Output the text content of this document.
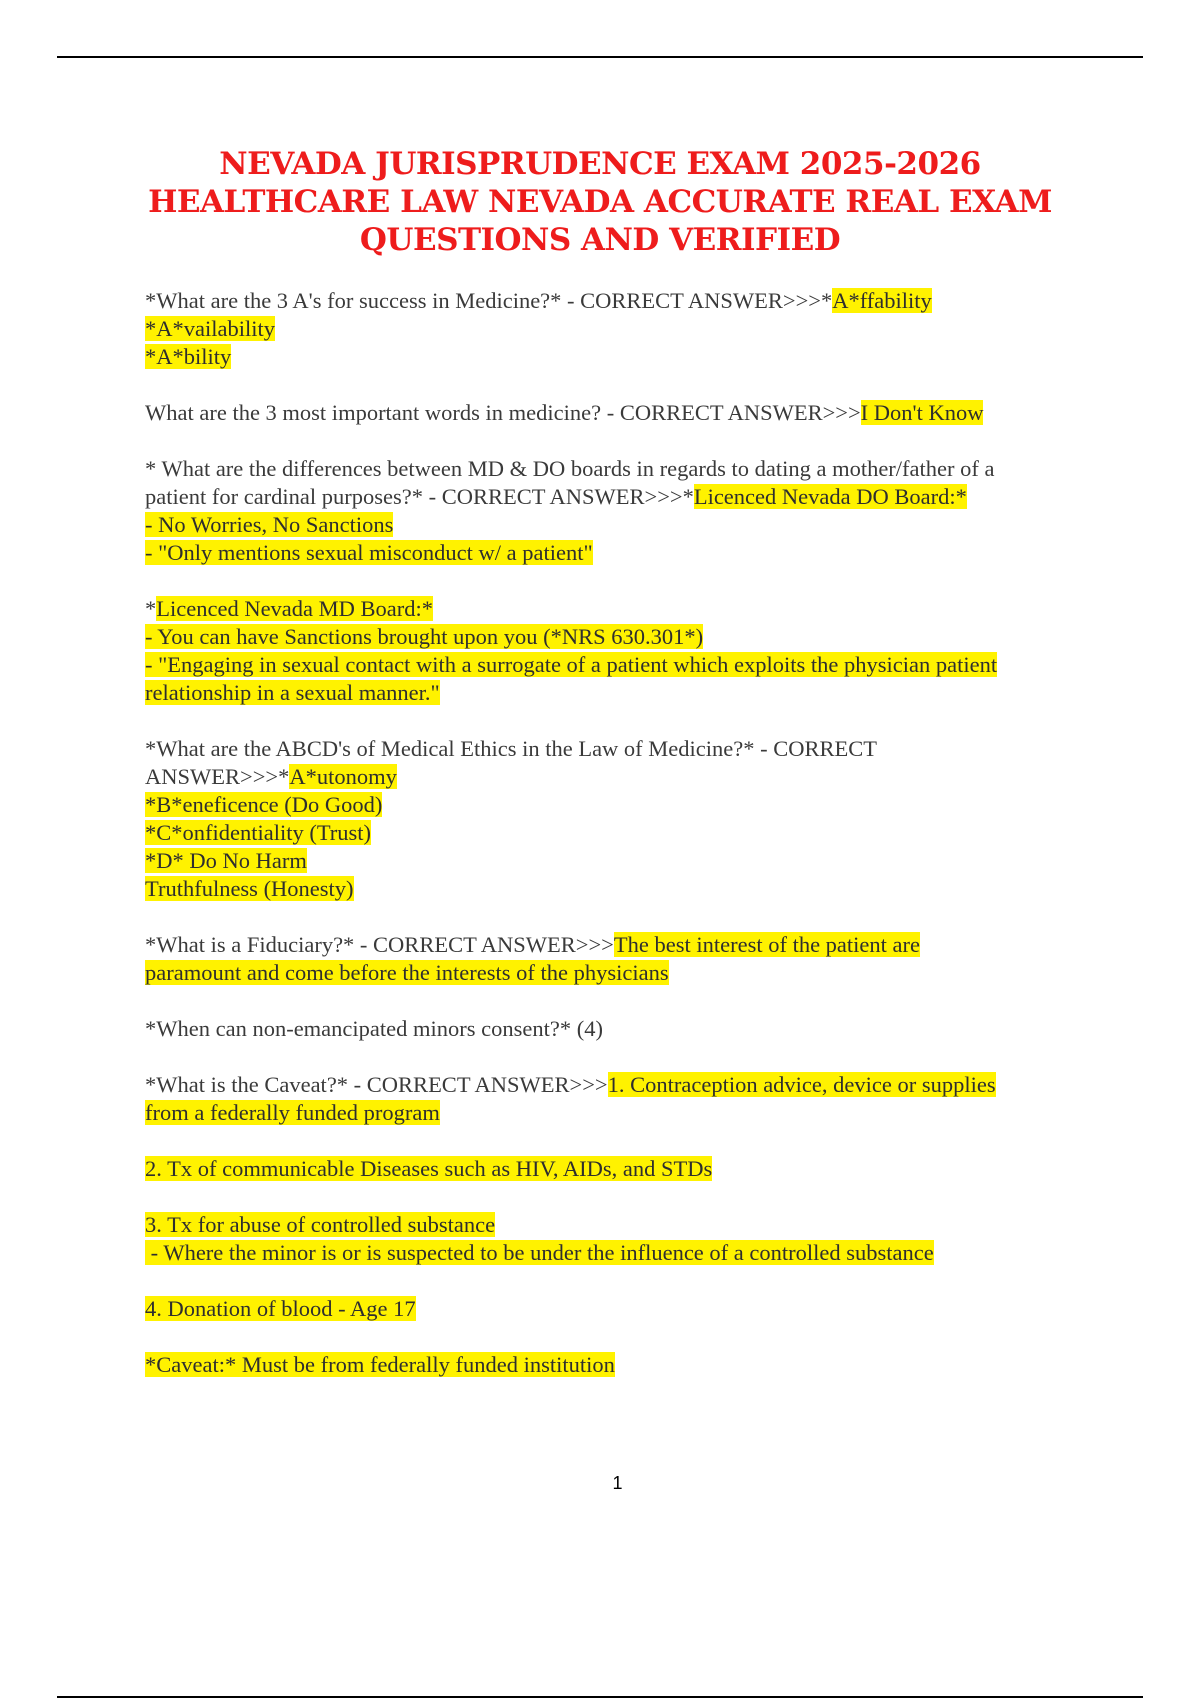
NEVADA JURISPRUDENCE EXAM 2025-2026
HEALTHCARE LAW NEVADA ACCURATE REAL EXAM
QUESTIONS AND VERIFIED
*What are the 3 A's for success in Medicine?* - CORRECT ANSWER>>>*A*ffability
*A*vailability
*A*bility
What are the 3 most important words in medicine? - CORRECT ANSWER>>>I Don't Know
* What are the differences between MD & DO boards in regards to dating a mother/father of a
patient for cardinal purposes?* - CORRECT ANSWER>>>*Licenced Nevada DO Board:*
- No Worries, No Sanctions
- "Only mentions sexual misconduct w/ a patient"
*Licenced Nevada MD Board:*
- You can have Sanctions brought upon you (*NRS 630.301*)
- "Engaging in sexual contact with a surrogate of a patient which exploits the physician patient
relationship in a sexual manner."
*What are the ABCD's of Medical Ethics in the Law of Medicine?* - CORRECT
ANSWER>>>*A*utonomy
*B*eneficence (Do Good)
*C*onfidentiality (Trust)
*D* Do No Harm
Truthfulness (Honesty)
*What is a Fiduciary?* - CORRECT ANSWER>>>The best interest of the patient are
paramount and come before the interests of the physicians
*When can non-emancipated minors consent?* (4)
*What is the Caveat?* - CORRECT ANSWER>>>1. Contraception advice, device or supplies
from a federally funded program
2. Tx of communicable Diseases such as HIV, AIDs, and STDs
3. Tx for abuse of controlled substance
- Where the minor is or is suspected to be under the influence of a controlled substance
4. Donation of blood - Age 17
*Caveat:* Must be from federally funded institution
1
